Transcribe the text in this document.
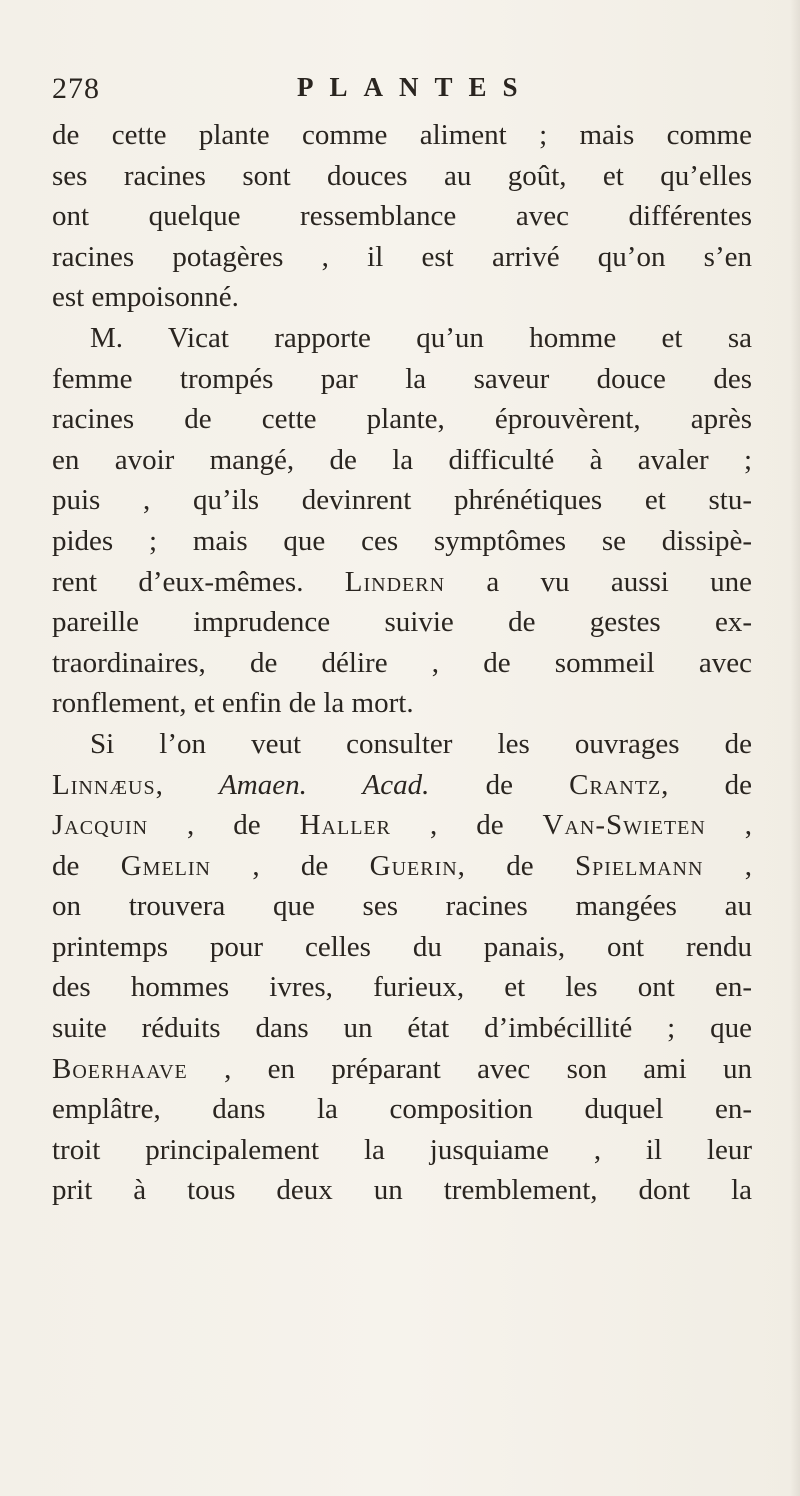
278	PLANTES
de cette plante comme aliment ; mais comme
ses racines sont douces au goût, et qu’elles
ont quelque ressemblance avec différentes
racines potagères , il est arrivé qu’on s’en
est empoisonné.
M. Vicat rapporte qu’un homme et sa
femme trompés par la saveur douce des
racines de cette plante, éprouvèrent, après
en avoir mangé, de la difficulté à avaler ;
puis , qu’ils devinrent phrénétiques et stu-
pides ; mais que ces symptômes se dissipè-
rent d’eux-mêmes. Lindern a vu aussi une
pareille imprudence suivie de gestes ex-
traordinaires, de délire , de sommeil avec
ronflement, et enfin de la mort.
Si l’on veut consulter les ouvrages de
Linnæus, Amaen. Acad. de Crantz, de
Jacquin , de Haller , de Van-Swieten ,
de Gmelin , de Guerin, de Spielmann ,
on trouvera que ses racines mangées au
printemps pour celles du panais, ont rendu
des hommes ivres, furieux, et les ont en-
suite réduits dans un état d’imbécillité ; que
Boerhaave , en préparant avec son ami un
emplâtre, dans la composition duquel en-
troit principalement la jusquiame , il leur
prit à tous deux un tremblement, dont la
